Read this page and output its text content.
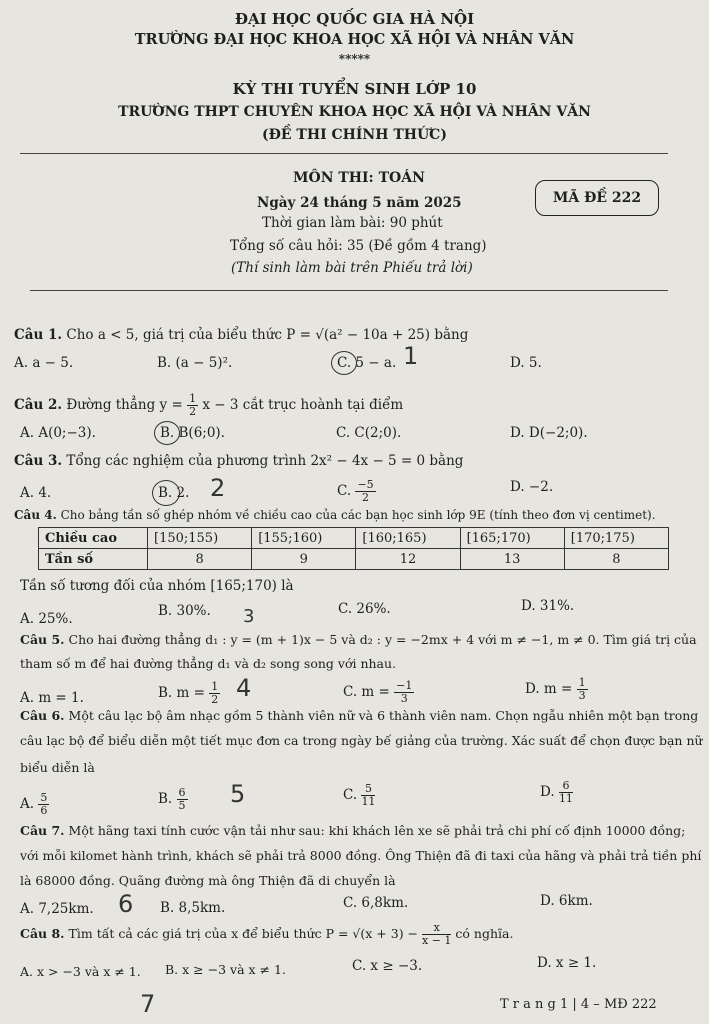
ĐẠI HỌC QUỐC GIA HÀ NỘI
TRƯỜNG ĐẠI HỌC KHOA HỌC XÃ HỘI VÀ NHÂN VĂN
*****
KỲ THI TUYỂN SINH LỚP 10
TRƯỜNG THPT CHUYÊN KHOA HỌC XÃ HỘI VÀ NHÂN VĂN
(ĐỀ THI CHÍNH THỨC)
MÔN THI: TOÁN
Ngày 24 tháng 5 năm 2025
Thời gian làm bài: 90 phút
Tổng số câu hỏi: 35 (Đề gồm 4 trang)
(Thí sinh làm bài trên Phiếu trả lời)
MÃ ĐỀ 222
Câu 1. Cho a < 5, giá trị của biểu thức P = √(a² − 10a + 25) bằng
A. a − 5.	B. (a − 5)².	C. 5 − a. 1	D. 5.
Câu 2. Đường thẳng $y = \frac{1}{2}$ x − 3 cắt trục hoành tại điểm
A. A(0;−3).	B. B(6;0).	C. C(2;0).	D. D(−2;0).
Câu 3. Tổng các nghiệm của phương trình 2x² − 4x − 5 = 0 bằng
A. 4.	B. 2. 2	C. $\frac{-5}{2}$	D. −2.
Câu 4. Cho bảng tần số ghép nhóm về chiều cao của các bạn học sinh lớp 9E (tính theo đơn vị centimet).
Chiều cao	[150;155)	[155;160)	[160;165)	[165;170)	[170;175)
Tần số	8	9	12	13	8
Tần số tương đối của nhóm [165;170) là
A. 25%.	B. 30%. 3	C. 26%.	D. 31%.
Câu 5. Cho hai đường thẳng d₁ : y = (m + 1)x − 5 và d₂ : y = −2mx + 4 với m ≠ −1, m ≠ 0. Tìm giá trị của
tham số m để hai đường thẳng d₁ và d₂ song song với nhau.
A. m = 1.	B. $m = \frac{1}{2} 4$	C. $m = \frac{-1}{3}$	D. $m = \frac{1}{3}$
Câu 6. Một câu lạc bộ âm nhạc gồm 5 thành viên nữ và 6 thành viên nam. Chọn ngẫu nhiên một bạn trong
câu lạc bộ để biểu diễn một tiết mục đơn ca trong ngày bế giảng của trường. Xác suất để chọn được bạn nữ
biểu diễn là
A. $\frac{5}{6}$	B. $\frac{6}{5} 5$	C. $\frac{5}{11}$	D. $\frac{6}{11}$
Câu 7. Một hãng taxi tính cước vận tải như sau: khi khách lên xe sẽ phải trả chi phí cố định 10000 đồng;
với mỗi kilomet hành trình, khách sẽ phải trả 8000 đồng. Ông Thiện đã đi taxi của hãng và phải trả tiền phí
là 68000 đồng. Quãng đường mà ông Thiện đã di chuyển là
A. 7,25km. 6 B. 8,5km.	C. 6,8km.	D. 6km.
Câu 8. Tìm tất cả các giá trị của x để biểu thức $P = √(x + 3) - \frac{x}{x - 1}$ có nghĩa.
A. x > −3 và x ≠ 1. B. x ≥ −3 và x ≠ 1.	C. x ≥ −3.	D. x ≥ 1.
7	T r a n g 1 | 4 – MĐ 222
